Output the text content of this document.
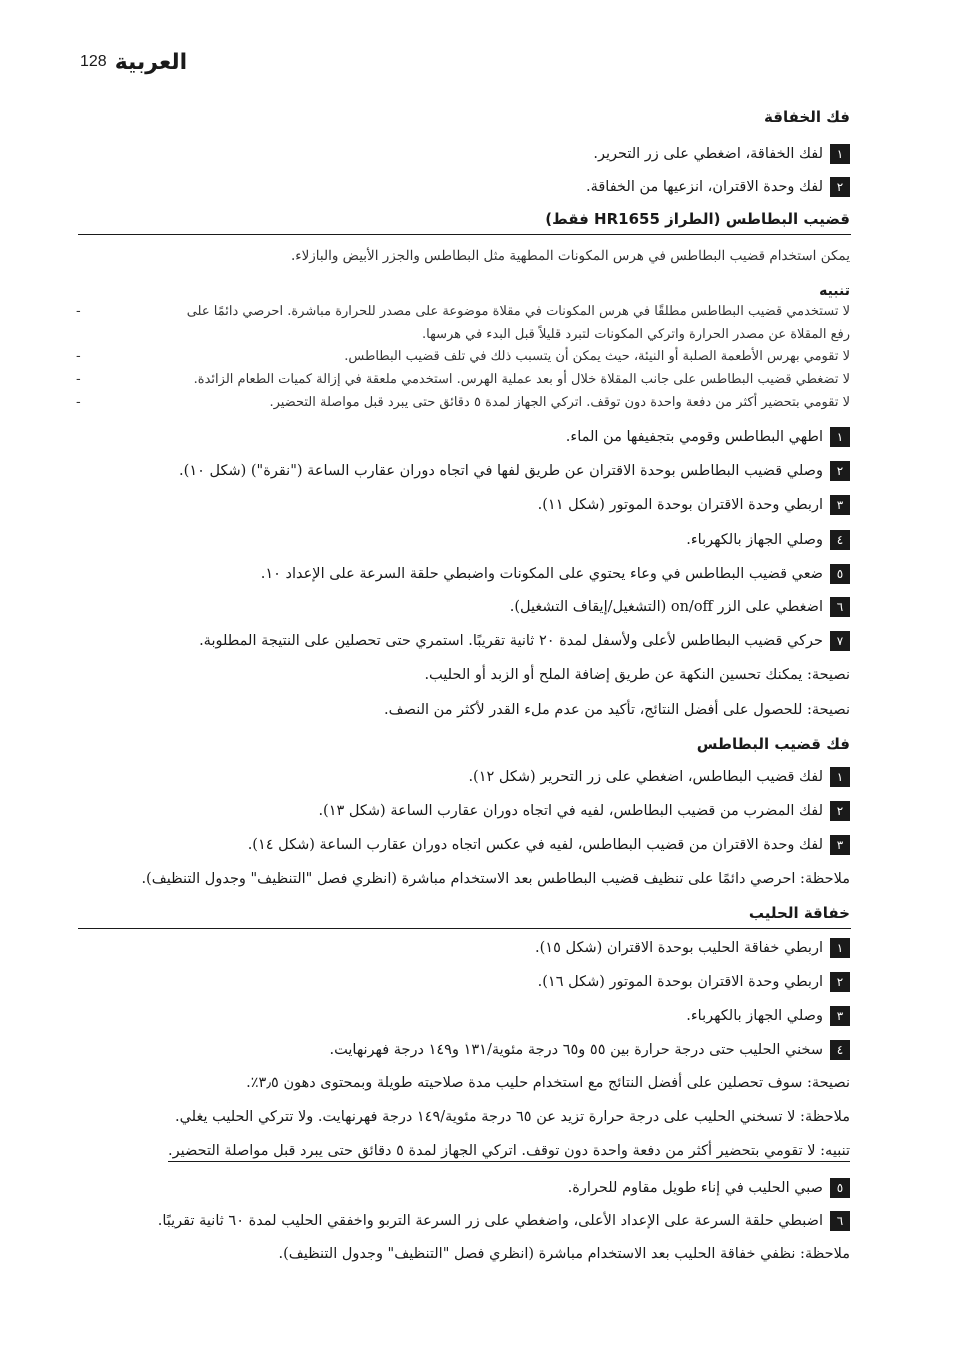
128 العربية
فك الخفاقة
١
لفك الخفاقة، اضغطي على زر التحرير.
٢
لفك وحدة الاقتران، انزعيها من الخفاقة.
قضيب البطاطس (الطراز HR1655 فقط)
يمكن استخدام قضيب البطاطس في هرس المكونات المطهية مثل البطاطس والجزر الأبيض والبازلاء.
تنبيه
-	لا تستخدمي قضيب البطاطس مطلقًا في هرس المكونات في مقلاة موضوعة على مصدر للحرارة مباشرة. احرصي دائمًا على
رفع المقلاة عن مصدر الحرارة واتركي المكونات لتبرد قليلاً قبل البدء في هرسها.
-	لا تقومي بهرس الأطعمة الصلبة أو النيئة، حيث يمكن أن يتسبب ذلك في تلف قضيب البطاطس.
-	لا تضغطي قضيب البطاطس على جانب المقلاة خلال أو بعد عملية الهرس. استخدمي ملعقة في إزالة كميات الطعام الزائدة.
-	لا تقومي بتحضير أكثر من دفعة واحدة دون توقف. اتركي الجهاز لمدة ٥ دقائق حتى يبرد قبل مواصلة التحضير.
١
اطهي البطاطس وقومي بتجفيفها من الماء.
٢
وصلي قضيب البطاطس بوحدة الاقتران عن طريق لفها في اتجاه دوران عقارب الساعة ("نقرة") (شكل ١٠).
٣
اربطي وحدة الاقتران بوحدة الموتور (شكل ١١).
٤
وصلي الجهاز بالكهرباء.
٥
ضعي قضيب البطاطس في وعاء يحتوي على المكونات واضبطي حلقة السرعة على الإعداد ١٠.
٦
اضغطي على الزر on/off (التشغيل/إيقاف التشغيل).
٧
حركي قضيب البطاطس لأعلى ولأسفل لمدة ٢٠ ثانية تقريبًا. استمري حتى تحصلين على النتيجة المطلوبة.
نصيحة: يمكنك تحسين النكهة عن طريق إضافة الملح أو الزبد أو الحليب.
نصيحة: للحصول على أفضل النتائج، تأكيد من عدم ملء القدر لأكثر من النصف.
فك قضيب البطاطس
١
لفك قضيب البطاطس، اضغطي على زر التحرير (شكل ١٢).
٢
لفك المضرب من قضيب البطاطس، لفيه في اتجاه دوران عقارب الساعة (شكل ١٣).
٣
لفك وحدة الاقتران من قضيب البطاطس، لفيه في عكس اتجاه دوران عقارب الساعة (شكل ١٤).
ملاحظة: احرصي دائمًا على تنظيف قضيب البطاطس بعد الاستخدام مباشرة (انظري فصل "التنظيف" وجدول التنظيف).
خفاقة الحليب
١
اربطي خفاقة الحليب بوحدة الاقتران (شكل ١٥).
٢
اربطي وحدة الاقتران بوحدة الموتور (شكل ١٦).
٣
وصلي الجهاز بالكهرباء.
٤
سخني الحليب حتى درجة حرارة بين ٥٥ و٦٥ درجة مئوية/١٣١ و١٤٩ درجة فهرنهايت.
نصيحة: سوف تحصلين على أفضل النتائج مع استخدام حليب مدة صلاحيته طويلة وبمحتوى دهون ٣٫٥٪.
ملاحظة: لا تسخني الحليب على درجة حرارة تزيد عن ٦٥ درجة مئوية/١٤٩ درجة فهرنهايت. ولا تتركي الحليب يغلي.
تنبيه: لا تقومي بتحضير أكثر من دفعة واحدة دون توقف. اتركي الجهاز لمدة ٥ دقائق حتى يبرد قبل مواصلة التحضير.
٥
صبي الحليب في إناء طويل مقاوم للحرارة.
٦
اضبطي حلقة السرعة على الإعداد الأعلى، واضغطي على زر السرعة التربو واخفقي الحليب لمدة ٦٠ ثانية تقريبًا.
ملاحظة: نظفي خفاقة الحليب بعد الاستخدام مباشرة (انظري فصل "التنظيف" وجدول التنظيف).
